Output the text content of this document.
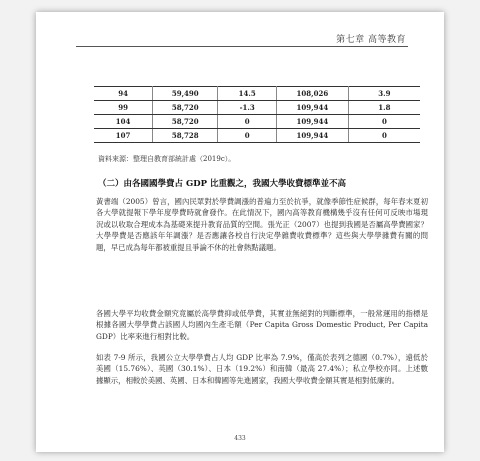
第七章 高等教育
94	59,490	14.5	108,026	3.9
99	58,720	-1.3	109,944	1.8
104	58,720	0	109,944	0
107	58,728	0	109,944	0
資料來源：整理自教育部統計處（2019c）。
（二）由各國國學費占 GDP 比重觀之，我國大學收費標準並不高

黃書端（2005）曾言，國內民眾對於學費調漲的普遍力至於抗爭，就像季節性症候群，每年春末夏初各大學就提報下學年度學費時就會發作。在此情況下，國內高等教育機構幾乎沒有任何可反映市場現況或以收取合理成本為基礎來提升教育品質的空間。張光正（2007）也提到我國是否屬高學費國家？大學學費是否應該年年調漲？是否應讓各校自行決定學雜費收費標準？這些與大學學雜費有關的問題，早已成為每年都被重提且爭論不休的社會熱點議題。

各國大學平均收費金額究竟屬於高學費抑或低學費，其實並無絕對的判斷標準，一般常運用的指標是根據各國大學學費占該國人均國內生產毛額（Per Capita Gross Domestic Product, Per Capita GDP）比率來進行相對比較。

如表 7-9 所示，我國公立大學學費占人均 GDP 比率為 7.9%，僅高於表列之德國（0.7%），遠低於美國（15.76%）、英國（30.1%）、日本（19.2%）和南韓（最高 27.4%）；私立學校亦同。上述數據顯示，相較於美國、英國、日本和韓國等先進國家，我國大學收費金額其實是相對低廉的。

433
